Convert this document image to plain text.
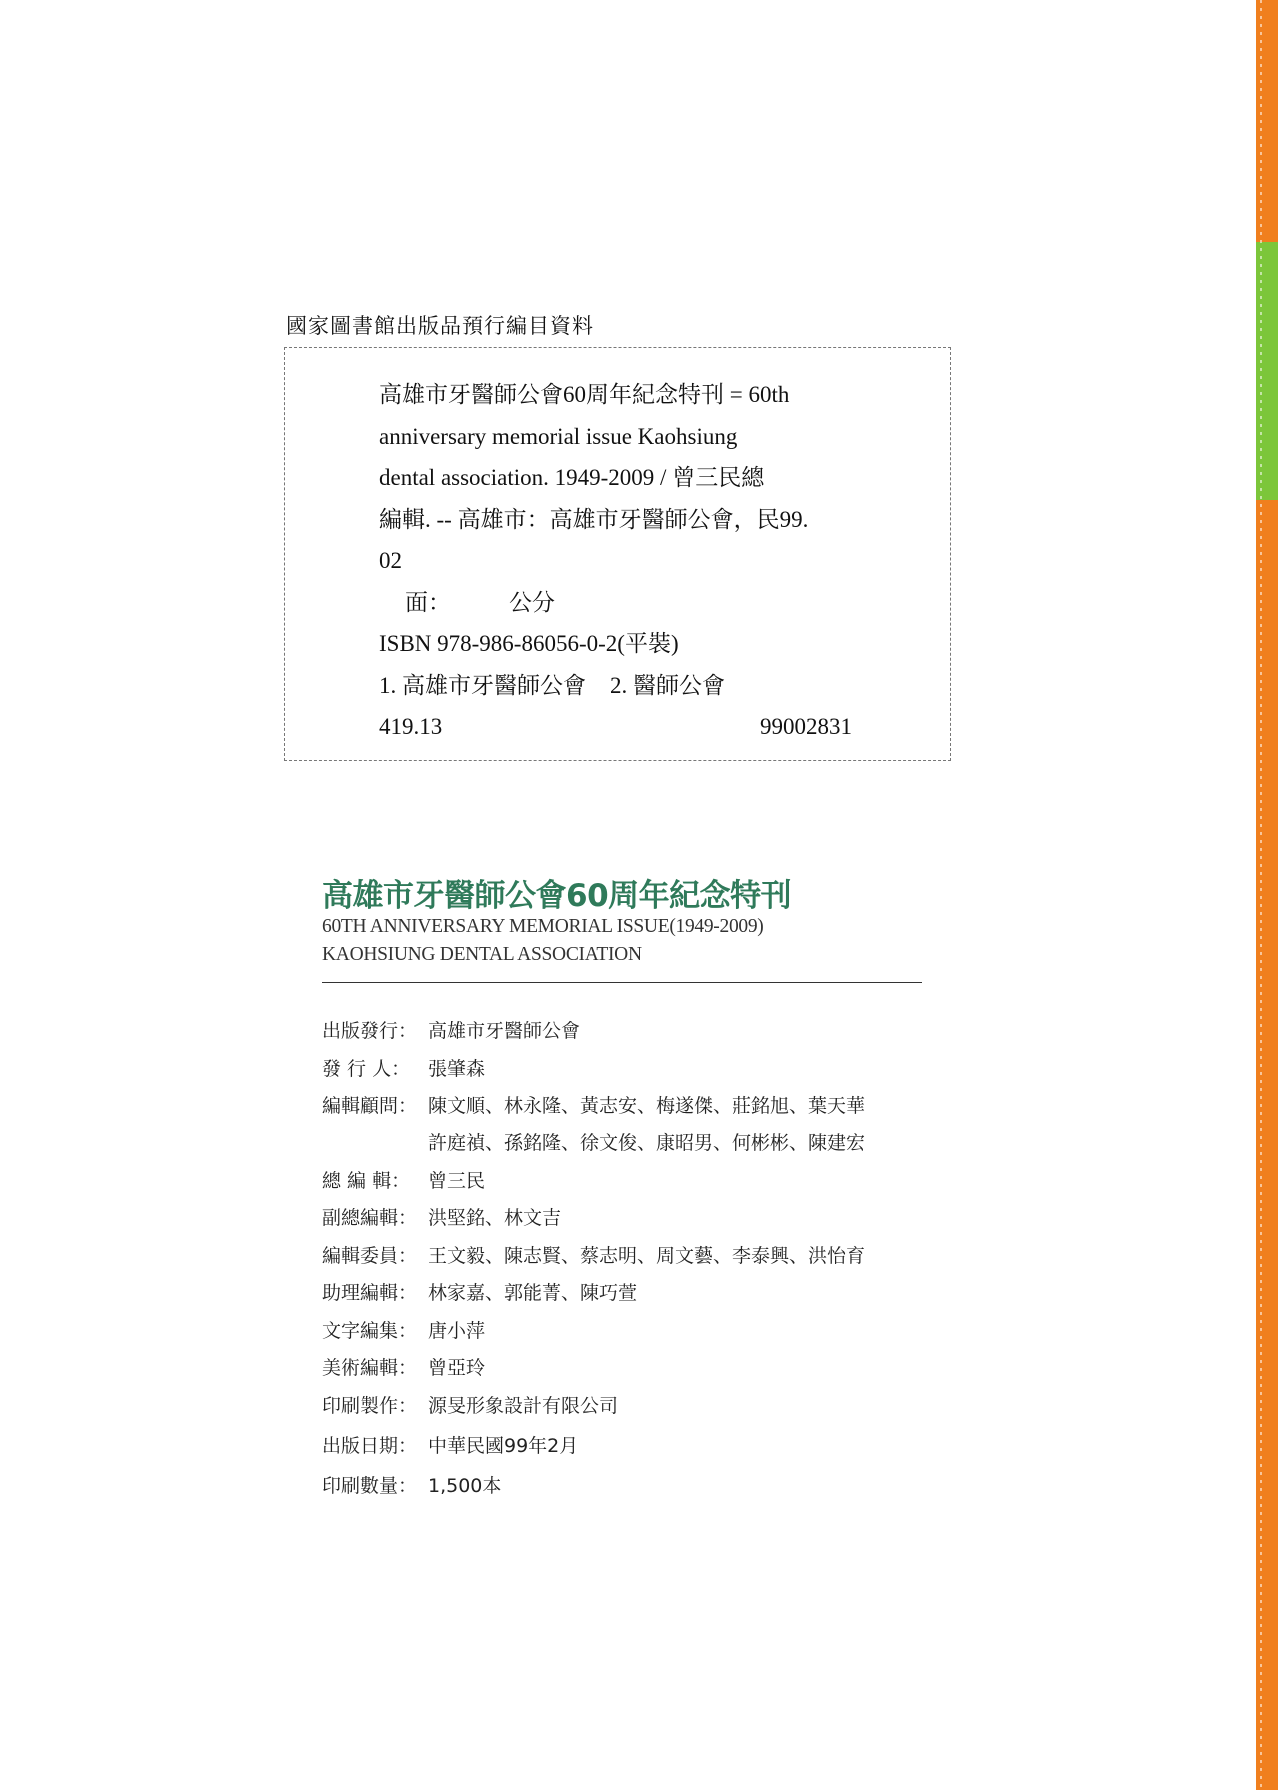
國家圖書館出版品預行編目資料
高雄市牙醫師公會60周年紀念特刊 = 60th
anniversary memorial issue Kaohsiung
dental association. 1949-2009 / 曾三民總
編輯. -- 高雄市：高雄市牙醫師公會，民99.
02
面：	公分
ISBN 978-986-86056-0-2(平裝)
1. 高雄市牙醫師公會 2. 醫師公會
419.13	99002831
高雄市牙醫師公會60周年紀念特刊
60TH ANNIVERSARY MEMORIAL ISSUE(1949-2009)
KAOHSIUNG DENTAL ASSOCIATION
出版發行： 高雄市牙醫師公會
發 行 人： 張肇森
編輯顧問： 陳文順、林永隆、黃志安、梅遂傑、莊銘旭、葉天華
許庭禎、孫銘隆、徐文俊、康昭男、何彬彬、陳建宏
總 編 輯： 曾三民
副總編輯： 洪堅銘、林文吉
編輯委員： 王文毅、陳志賢、蔡志明、周文藝、李泰興、洪怡育
助理編輯： 林家嘉、郭能菁、陳巧萱
文字編集： 唐小萍
美術編輯： 曾亞玲
印刷製作： 源旻形象設計有限公司
出版日期： 中華民國99年2月
印刷數量： 1,500本
